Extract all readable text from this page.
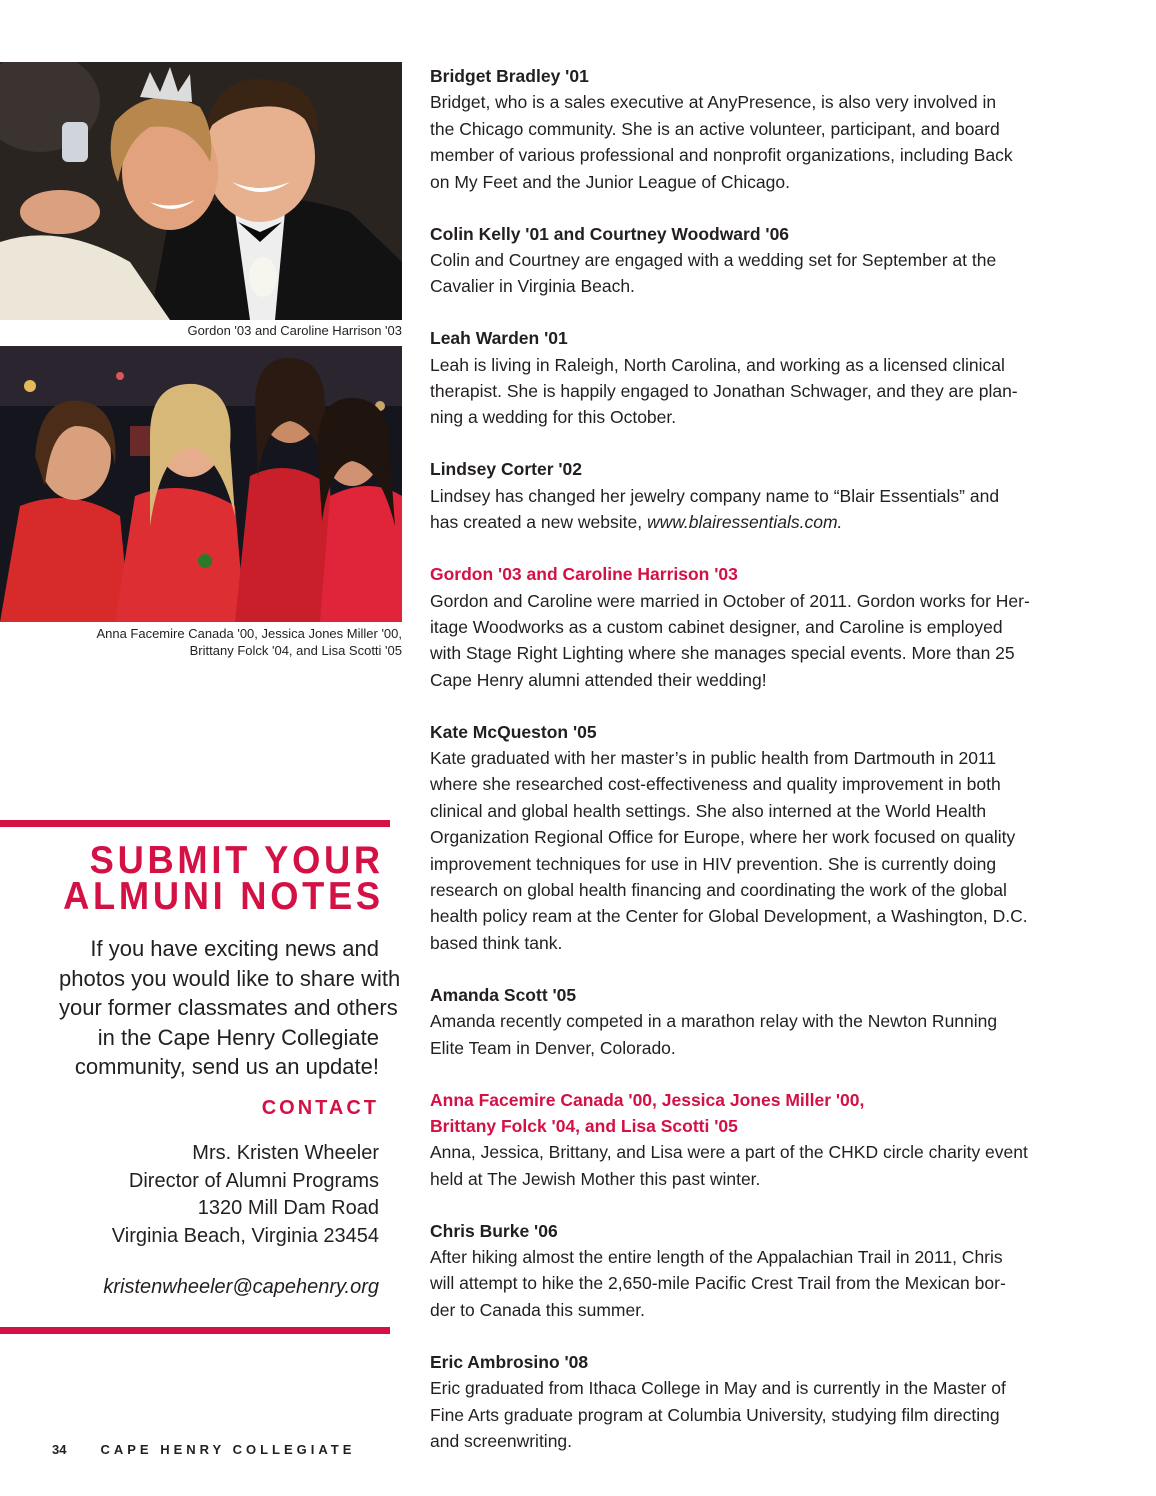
Gordon '03 and Caroline Harrison '03
Anna Facemire Canada '00, Jessica Jones Miller '00,
Brittany Folck '04, and Lisa Scotti '05
SUBMIT YOUR
ALMUNI NOTES

If you have exciting news and
photos you would like to share with
your former classmates and others
in the Cape Henry Collegiate
community, send us an update!

CONTACT
Mrs. Kristen Wheeler
Director of Alumni Programs
1320 Mill Dam Road
Virginia Beach, Virginia 23454
kristenwheeler@capehenry.org
34	CAPE HENRY COLLEGIATE
Bridget Bradley '01

Bridget, who is a sales executive at AnyPresence, is also very involved in
the Chicago community. She is an active volunteer, participant, and board
member of various professional and nonprofit organizations, including Back
on My Feet and the Junior League of Chicago.

Colin Kelly '01 and Courtney Woodward '06

Colin and Courtney are engaged with a wedding set for September at the
Cavalier in Virginia Beach.

Leah Warden '01

Leah is living in Raleigh, North Carolina, and working as a licensed clinical
therapist. She is happily engaged to Jonathan Schwager, and they are plan-
ning a wedding for this October.

Lindsey Corter '02

Lindsey has changed her jewelry company name to “Blair Essentials” and
has created a new website, www.blairessentials.com.

Gordon '03 and Caroline Harrison '03

Gordon and Caroline were married in October of 2011. Gordon works for Her-
itage Woodworks as a custom cabinet designer, and Caroline is employed
with Stage Right Lighting where she manages special events. More than 25
Cape Henry alumni attended their wedding!

Kate McQueston '05

Kate graduated with her master’s in public health from Dartmouth in 2011
where she researched cost-effectiveness and quality improvement in both
clinical and global health settings. She also interned at the World Health
Organization Regional Office for Europe, where her work focused on quality
improvement techniques for use in HIV prevention. She is currently doing
research on global health financing and coordinating the work of the global
health policy ream at the Center for Global Development, a Washington, D.C.
based think tank.

Amanda Scott '05

Amanda recently competed in a marathon relay with the Newton Running
Elite Team in Denver, Colorado.

Anna Facemire Canada '00, Jessica Jones Miller '00,
Brittany Folck '04, and Lisa Scotti '05

Anna, Jessica, Brittany, and Lisa were a part of the CHKD circle charity event
held at The Jewish Mother this past winter.

Chris Burke '06

After hiking almost the entire length of the Appalachian Trail in 2011, Chris
will attempt to hike the 2,650-mile Pacific Crest Trail from the Mexican bor-
der to Canada this summer.

Eric Ambrosino '08

Eric graduated from Ithaca College in May and is currently in the Master of
Fine Arts graduate program at Columbia University, studying film directing
and screenwriting.
